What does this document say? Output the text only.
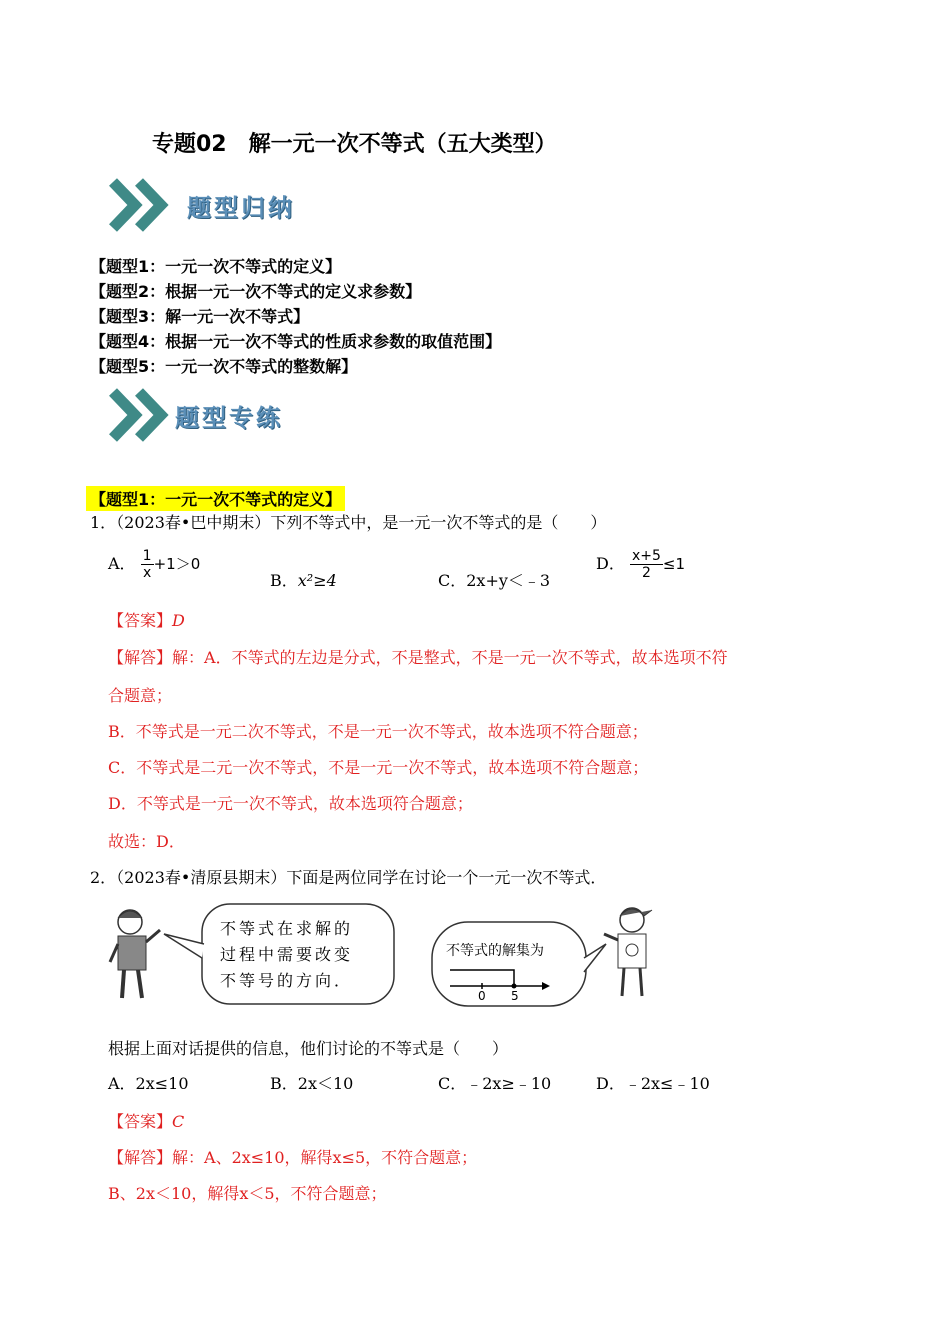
专题02　解一元一次不等式（五大类型）
题型归纳
【题型1：一元一次不等式的定义】
【题型2：根据一元一次不等式的定义求参数】
【题型3：解一元一次不等式】
【题型4：根据一元一次不等式的性质求参数的取值范围】
【题型5：一元一次不等式的整数解】
题型专练
【题型1：一元一次不等式的定义】
1．（2023春•巴中期末）下列不等式中，是一元一次不等式的是（　　）
A． $\frac{1}{x} +1>0$
B．x²≥4	C．2x+y＜﹣3
D． $\frac{x+5}{2} \le 1$
【答案】D
【解答】解：A．不等式的左边是分式，不是整式，不是一元一次不等式，故本选项不符
合题意；
B．不等式是一元二次不等式，不是一元一次不等式，故本选项不符合题意；
C．不等式是二元一次不等式，不是一元一次不等式，故本选项不符合题意；
D．不等式是一元一次不等式，故本选项符合题意；
故选：D．
2．（2023春•清原县期末）下面是两位同学在讨论一个一元一次不等式．
不等式在求解的
过程中需要改变
不等号的方向．
不等式的解集为
0 5
根据上面对话提供的信息，他们讨论的不等式是（　　）
A．2x≤10	B．2x＜10	C．﹣2x≥﹣10	D．﹣2x≤﹣10
【答案】C
【解答】解：A、2x≤10，解得x≤5，不符合题意；
B、2x＜10，解得x＜5，不符合题意；
